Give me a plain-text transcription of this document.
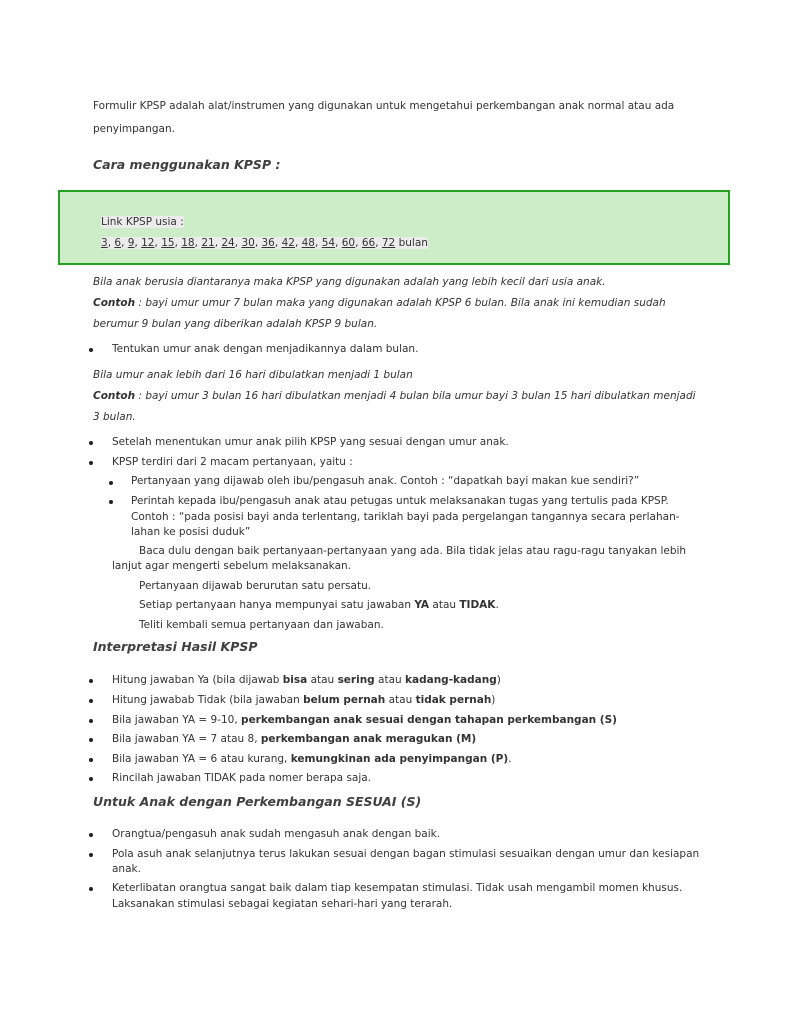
Formulir KPSP adalah alat/instrumen yang digunakan untuk mengetahui perkembangan anak normal atau ada

penyimpangan.

Cara menggunakan KPSP :

Link KPSP usia :

3, 6, 9, 12, 15, 18, 21, 24, 30, 36, 42, 48, 54, 60, 66, 72 bulan

Bila anak berusia diantaranya maka KPSP yang digunakan adalah yang lebih kecil dari usia anak.

Contoh : bayi umur umur 7 bulan maka yang digunakan adalah KPSP 6 bulan. Bila anak ini kemudian sudah

berumur 9 bulan yang diberikan adalah KPSP 9 bulan.

Tentukan umur anak dengan menjadikannya dalam bulan.

Bila umur anak lebih dari 16 hari dibulatkan menjadi 1 bulan

Contoh : bayi umur 3 bulan 16 hari dibulatkan menjadi 4 bulan bila umur bayi 3 bulan 15 hari dibulatkan menjadi

3 bulan.

Setelah menentukan umur anak pilih KPSP yang sesuai dengan umur anak.

KPSP terdiri dari 2 macam pertanyaan, yaitu :

Pertanyaan yang dijawab oleh ibu/pengasuh anak. Contoh : “dapatkah bayi makan kue sendiri?”

Perintah kepada ibu/pengasuh anak atau petugas untuk melaksanakan tugas yang tertulis pada KPSP.

Contoh : “pada posisi bayi anda terlentang, tariklah bayi pada pergelangan tangannya secara perlahan-

lahan ke posisi duduk”

Baca dulu dengan baik pertanyaan-pertanyaan yang ada. Bila tidak jelas atau ragu-ragu tanyakan lebih

lanjut agar mengerti sebelum melaksanakan.

Pertanyaan dijawab berurutan satu persatu.

Setiap pertanyaan hanya mempunyai satu jawaban YA atau TIDAK.

Teliti kembali semua pertanyaan dan jawaban.

Interpretasi Hasil KPSP

Hitung jawaban Ya (bila dijawab bisa atau sering atau kadang-kadang)

Hitung jawabab Tidak (bila jawaban belum pernah atau tidak pernah)

Bila jawaban YA = 9-10, perkembangan anak sesuai dengan tahapan perkembangan (S)

Bila jawaban YA = 7 atau 8, perkembangan anak meragukan (M)

Bila jawaban YA = 6 atau kurang, kemungkinan ada penyimpangan (P).

Rincilah jawaban TIDAK pada nomer berapa saja.

Untuk Anak dengan Perkembangan SESUAI (S)

Orangtua/pengasuh anak sudah mengasuh anak dengan baik.

Pola asuh anak selanjutnya terus lakukan sesuai dengan bagan stimulasi sesuaikan dengan umur dan kesiapan

anak.

Keterlibatan orangtua sangat baik dalam tiap kesempatan stimulasi. Tidak usah mengambil momen khusus.

Laksanakan stimulasi sebagai kegiatan sehari-hari yang terarah.
